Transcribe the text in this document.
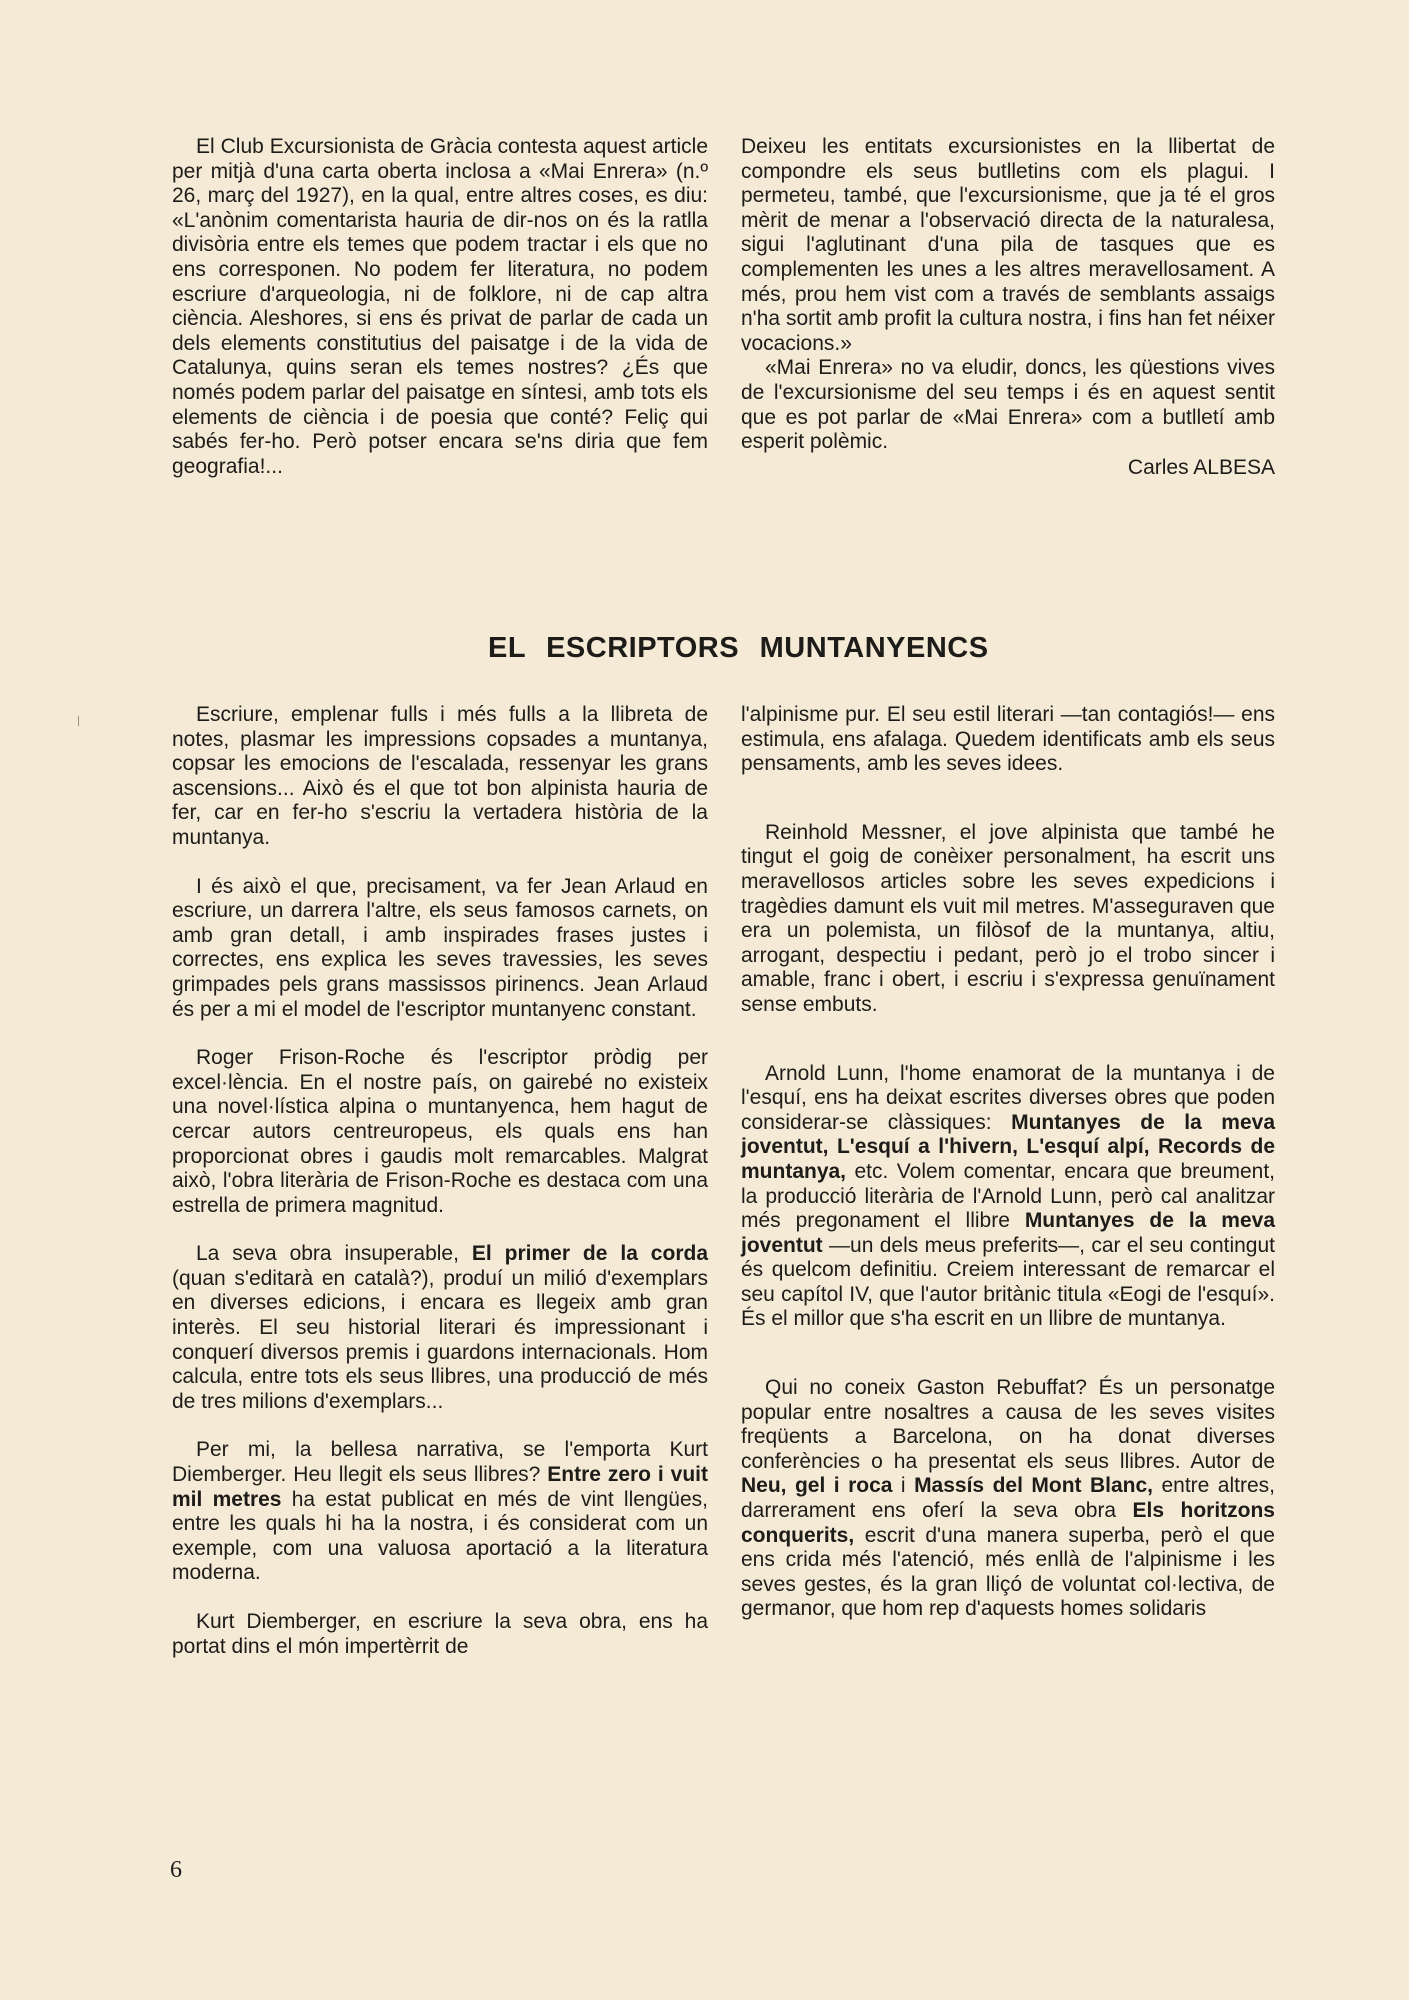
El Club Excursionista de Gràcia contesta aquest article per mitjà d'una carta oberta inclosa a «Mai Enrera» (n.º 26, març del 1927), en la qual, entre altres coses, es diu: «L'anònim comentarista hauria de dir-nos on és la ratlla divisòria entre els temes que podem tractar i els que no ens corresponen. No podem fer literatura, no podem escriure d'arqueologia, ni de folklore, ni de cap altra ciència. Aleshores, si ens és privat de parlar de cada un dels elements constitutius del paisatge i de la vida de Catalunya, quins seran els temes nostres? ¿És que només podem parlar del paisatge en síntesi, amb tots els elements de ciència i de poesia que conté? Feliç qui sabés fer-ho. Però potser encara se'ns diria que fem geografia!...

Deixeu les entitats excursionistes en la llibertat de compondre els seus butlletins com els plagui. I permeteu, també, que l'excursionisme, que ja té el gros mèrit de menar a l'observació directa de la naturalesa, sigui l'aglutinant d'una pila de tasques que es complementen les unes a les altres meravellosament. A més, prou hem vist com a través de semblants assaigs n'ha sortit amb profit la cultura nostra, i fins han fet néixer vocacions.»

«Mai Enrera» no va eludir, doncs, les qüestions vives de l'excursionisme del seu temps i és en aquest sentit que es pot parlar de «Mai Enrera» com a butlletí amb esperit polèmic.

Carles ALBESA

EL ESCRIPTORS MUNTANYENCS

Escriure, emplenar fulls i més fulls a la llibreta de notes, plasmar les impressions copsades a muntanya, copsar les emocions de l'escalada, ressenyar les grans ascensions... Això és el que tot bon alpinista hauria de fer, car en fer-ho s'escriu la vertadera història de la muntanya.

I és això el que, precisament, va fer Jean Arlaud en escriure, un darrera l'altre, els seus famosos carnets, on amb gran detall, i amb inspirades frases justes i correctes, ens explica les seves travessies, les seves grimpades pels grans massissos pirinencs. Jean Arlaud és per a mi el model de l'escriptor muntanyenc constant.

Roger Frison-Roche és l'escriptor pròdig per excel·lència. En el nostre país, on gairebé no existeix una novel·lística alpina o muntanyenca, hem hagut de cercar autors centreuropeus, els quals ens han proporcionat obres i gaudis molt remarcables. Malgrat això, l'obra literària de Frison-Roche es destaca com una estrella de primera magnitud.

La seva obra insuperable, El primer de la corda (quan s'editarà en català?), produí un milió d'exemplars en diverses edicions, i encara es llegeix amb gran interès. El seu historial literari és impressionant i conquerí diversos premis i guardons internacionals. Hom calcula, entre tots els seus llibres, una producció de més de tres milions d'exemplars...

Per mi, la bellesa narrativa, se l'emporta Kurt Diemberger. Heu llegit els seus llibres? Entre zero i vuit mil metres ha estat publicat en més de vint llengües, entre les quals hi ha la nostra, i és considerat com un exemple, com una valuosa aportació a la literatura moderna.

Kurt Diemberger, en escriure la seva obra, ens ha portat dins el món impertèrrit de

l'alpinisme pur. El seu estil literari —tan contagiós!— ens estimula, ens afalaga. Quedem identificats amb els seus pensaments, amb les seves idees.

Reinhold Messner, el jove alpinista que també he tingut el goig de conèixer personalment, ha escrit uns meravellosos articles sobre les seves expedicions i tragèdies damunt els vuit mil metres. M'asseguraven que era un polemista, un filòsof de la muntanya, altiu, arrogant, despectiu i pedant, però jo el trobo sincer i amable, franc i obert, i escriu i s'expressa genuïnament sense embuts.

Arnold Lunn, l'home enamorat de la muntanya i de l'esquí, ens ha deixat escrites diverses obres que poden considerar-se clàssiques: Muntanyes de la meva joventut, L'esquí a l'hivern, L'esquí alpí, Records de muntanya, etc. Volem comentar, encara que breument, la producció literària de l'Arnold Lunn, però cal analitzar més pregonament el llibre Muntanyes de la meva joventut —un dels meus preferits—, car el seu contingut és quelcom definitiu. Creiem interessant de remarcar el seu capítol IV, que l'autor britànic titula «Eogi de l'esquí». És el millor que s'ha escrit en un llibre de muntanya.

Qui no coneix Gaston Rebuffat? És un personatge popular entre nosaltres a causa de les seves visites freqüents a Barcelona, on ha donat diverses conferències o ha presentat els seus llibres. Autor de Neu, gel i roca i Massís del Mont Blanc, entre altres, darrerament ens oferí la seva obra Els horitzons conquerits, escrit d'una manera superba, però el que ens crida més l'atenció, més enllà de l'alpinisme i les seves gestes, és la gran lliçó de voluntat col·lectiva, de germanor, que hom rep d'aquests homes solidaris

6
